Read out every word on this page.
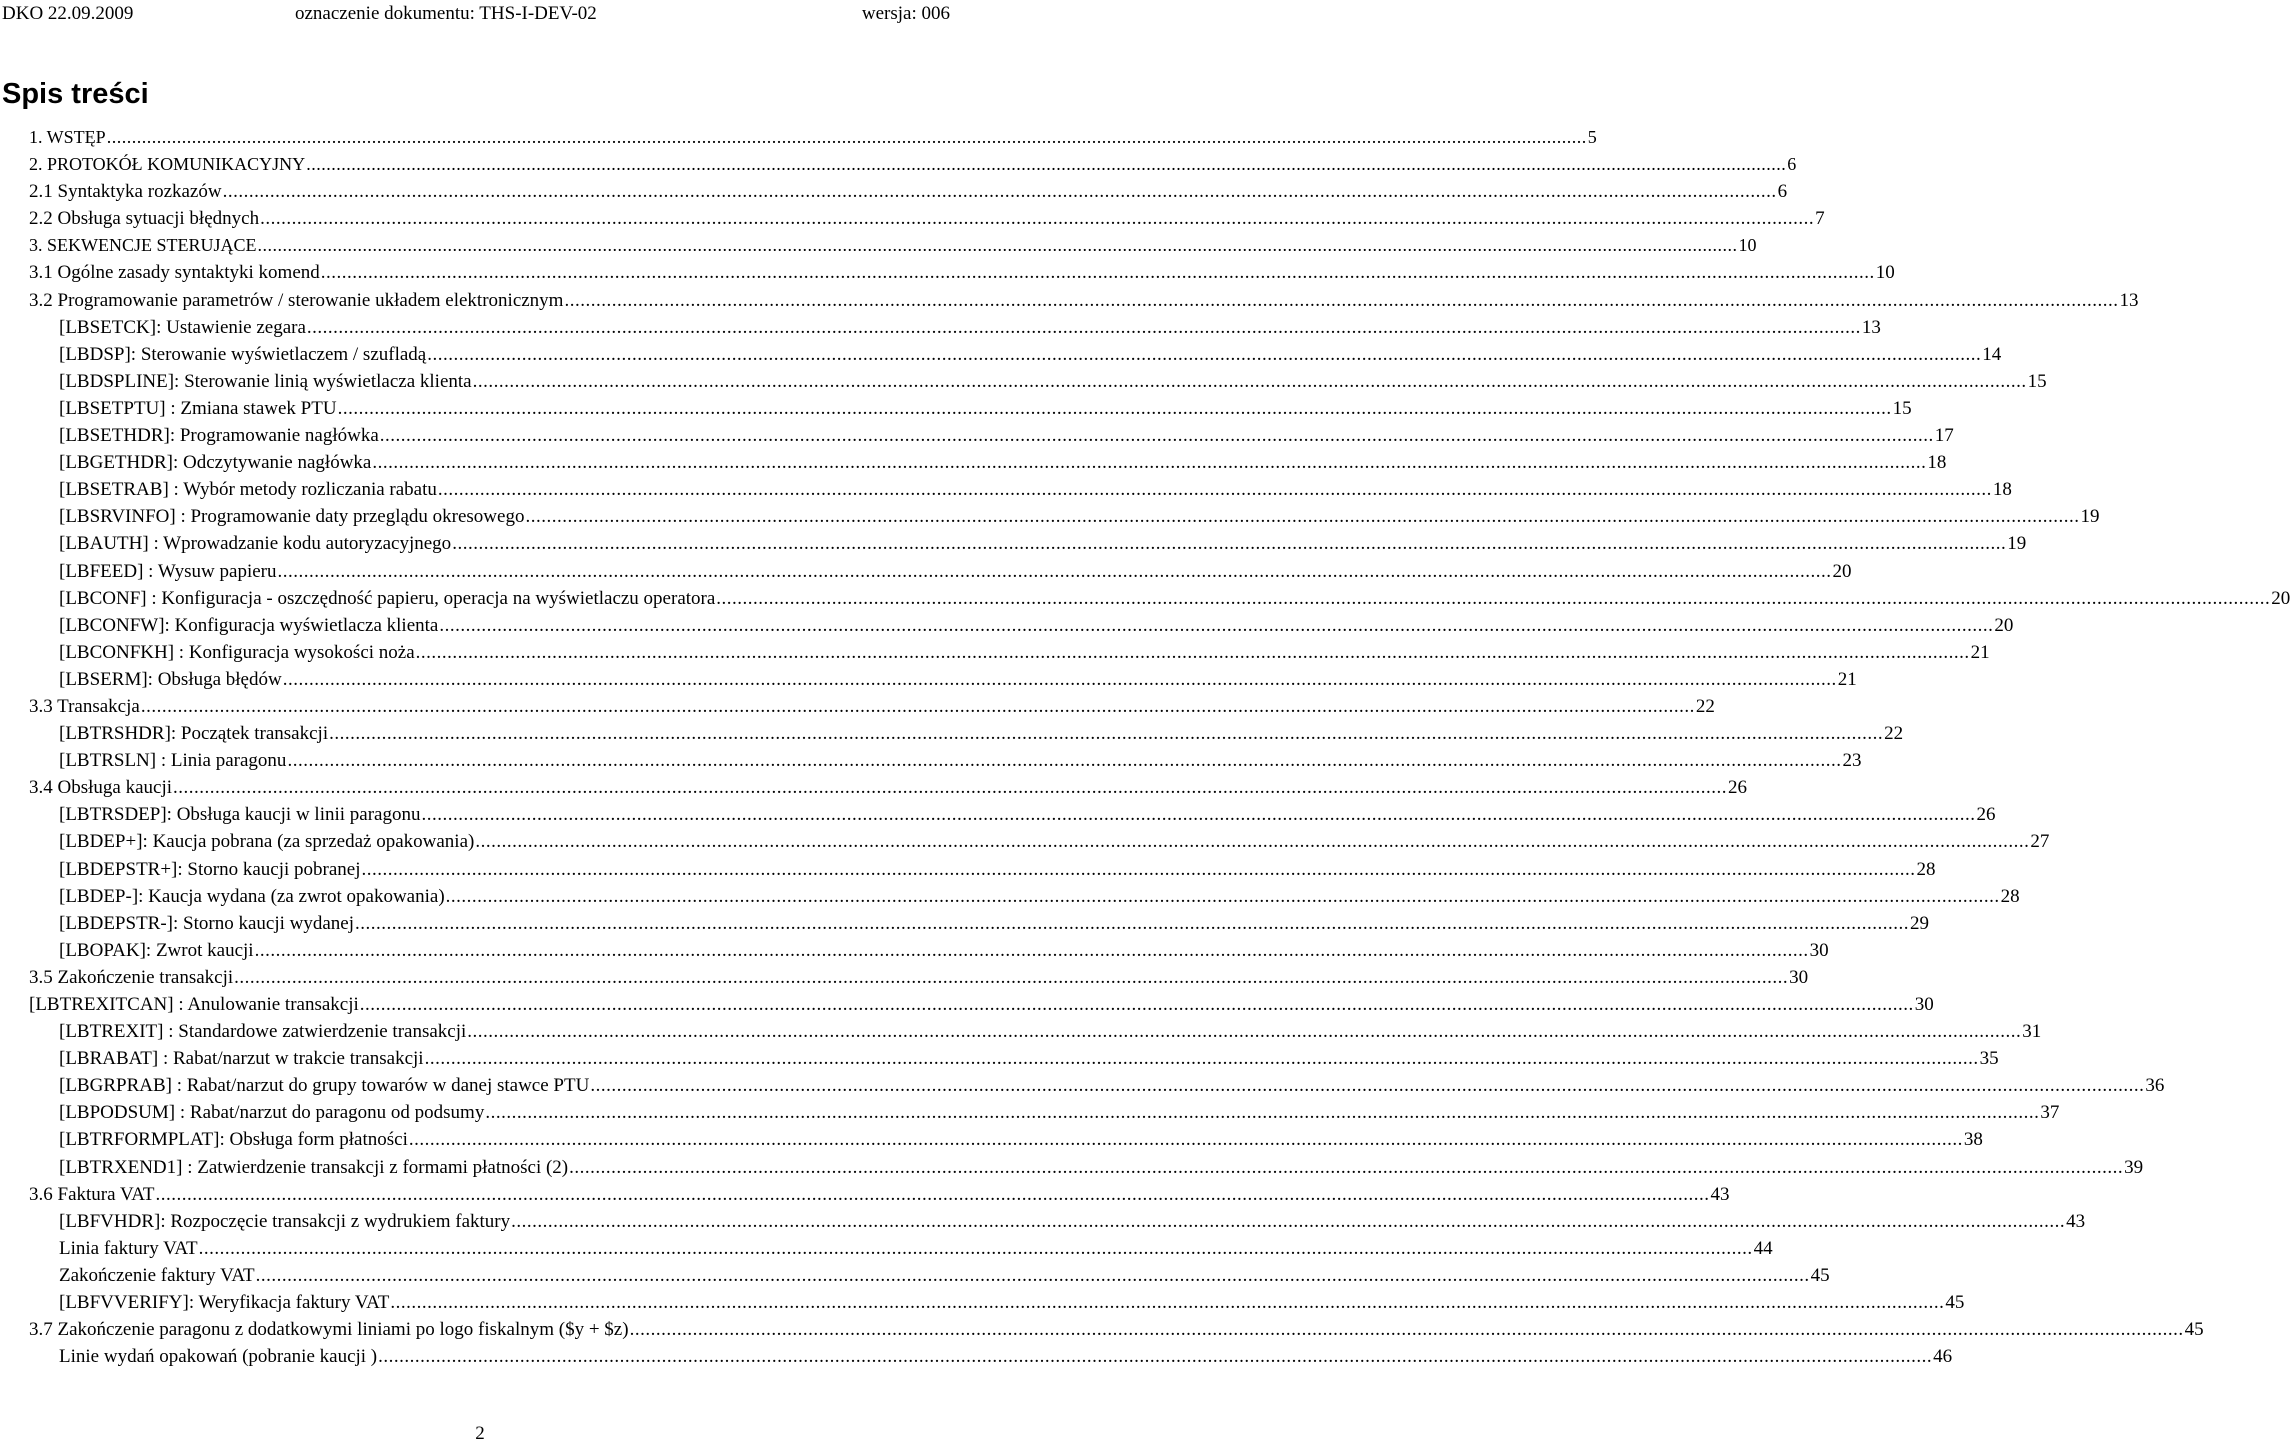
DKO 22.09.2009	oznaczenie dokumentu: THS-I-DEV-02	wersja: 006
Spis treści
1. WSTĘP .....	5
2. PROTOKÓŁ KOMUNIKACYJNY .....	6
2.1 Syntaktyka rozkazów .....	6
2.2 Obsługa sytuacji błędnych .....	7
3. SEKWENCJE STERUJĄCE .....	10
3.1 Ogólne zasady syntaktyki komend .....	10
3.2 Programowanie parametrów / sterowanie układem elektronicznym .....	13
[LBSETCK]: Ustawienie zegara .....	13
[LBDSP]: Sterowanie wyświetlaczem / szufladą .....	14
[LBDSPLINE]: Sterowanie linią wyświetlacza klienta .....	15
[LBSETPTU] : Zmiana stawek PTU .....	15
[LBSETHDR]: Programowanie nagłówka .....	17
[LBGETHDR]: Odczytywanie nagłówka .....	18
[LBSETRAB] : Wybór metody rozliczania rabatu .....	18
[LBSRVINFO] : Programowanie daty przeglądu okresowego .....	19
[LBAUTH] : Wprowadzanie kodu autoryzacyjnego .....	19
[LBFEED] : Wysuw papieru .....	20
[LBCONF] : Konfiguracja - oszczędność papieru, operacja na wyświetlaczu operatora .....	20
[LBCONFW]: Konfiguracja wyświetlacza klienta .....	20
[LBCONFKH] : Konfiguracja wysokości noża .....	21
[LBSERM]: Obsługa błędów .....	21
3.3 Transakcja .....	22
[LBTRSHDR]: Początek transakcji .....	22
[LBTRSLN] : Linia paragonu .....	23
3.4 Obsługa kaucji .....	26
[LBTRSDEP]: Obsługa kaucji w linii paragonu .....	26
[LBDEP+]: Kaucja pobrana (za sprzedaż opakowania) .....	27
[LBDEPSTR+]: Storno kaucji pobranej .....	28
[LBDEP-]: Kaucja wydana (za zwrot opakowania) .....	28
[LBDEPSTR-]: Storno kaucji wydanej .....	29
[LBOPAK]: Zwrot kaucji .....	30
3.5 Zakończenie transakcji .....	30
[LBTREXITCAN] : Anulowanie transakcji .....	30
[LBTREXIT] : Standardowe zatwierdzenie transakcji .....	31
[LBRABAT] : Rabat/narzut w trakcie transakcji .....	35
[LBGRPRAB] : Rabat/narzut do grupy towarów w danej stawce PTU .....	36
[LBPODSUM] : Rabat/narzut do paragonu od podsumy .....	37
[LBTRFORMPLAT]: Obsługa form płatności .....	38
[LBTRXEND1] : Zatwierdzenie transakcji z formami płatności (2) .....	39
3.6 Faktura VAT .....	43
[LBFVHDR]: Rozpoczęcie transakcji z wydrukiem faktury .....	43
Linia faktury VAT .....	44
Zakończenie faktury VAT .....	45
[LBFVVERIFY]: Weryfikacja faktury VAT .....	45
3.7 Zakończenie paragonu z dodatkowymi liniami po logo fiskalnym ($y + $z) .....	45
Linie wydań opakowań (pobranie kaucji ) .....	46
2
